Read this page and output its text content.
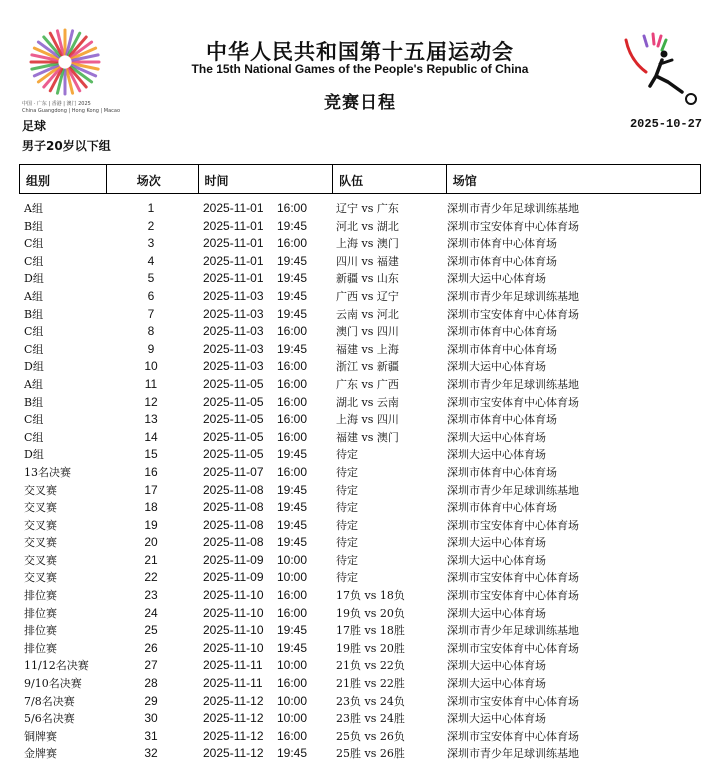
中国 · 广东 | 香港 | 澳门 2025
China Guangdong | Hong Kong | Macao
中华人民共和国第十五届运动会
The 15th National Games of the People's Republic of China
竞赛日程
足球	2025-10-27
男子20岁以下组
组别	场次	时间	队伍	场馆
A组	1	2025-11-01 16:00	辽宁 vs 广东	深圳市青少年足球训练基地
B组	2	2025-11-01 19:45	河北 vs 湖北	深圳市宝安体育中心体育场
C组	3	2025-11-01 16:00	上海 vs 澳门	深圳市体育中心体育场
C组	4	2025-11-01 19:45	四川 vs 福建	深圳市体育中心体育场
D组	5	2025-11-01 19:45	新疆 vs 山东	深圳大运中心体育场
A组	6	2025-11-03 19:45	广西 vs 辽宁	深圳市青少年足球训练基地
B组	7	2025-11-03 19:45	云南 vs 河北	深圳市宝安体育中心体育场
C组	8	2025-11-03 16:00	澳门 vs 四川	深圳市体育中心体育场
C组	9	2025-11-03 19:45	福建 vs 上海	深圳市体育中心体育场
D组	10	2025-11-03 16:00	浙江 vs 新疆	深圳大运中心体育场
A组	11	2025-11-05 16:00	广东 vs 广西	深圳市青少年足球训练基地
B组	12	2025-11-05 16:00	湖北 vs 云南	深圳市宝安体育中心体育场
C组	13	2025-11-05 16:00	上海 vs 四川	深圳市体育中心体育场
C组	14	2025-11-05 16:00	福建 vs 澳门	深圳大运中心体育场
D组	15	2025-11-05 19:45	待定	深圳大运中心体育场
13名决赛	16	2025-11-07 16:00	待定	深圳市体育中心体育场
交叉赛	17	2025-11-08 19:45	待定	深圳市青少年足球训练基地
交叉赛	18	2025-11-08 19:45	待定	深圳市体育中心体育场
交叉赛	19	2025-11-08 19:45	待定	深圳市宝安体育中心体育场
交叉赛	20	2025-11-08 19:45	待定	深圳大运中心体育场
交叉赛	21	2025-11-09 10:00	待定	深圳大运中心体育场
交叉赛	22	2025-11-09 10:00	待定	深圳市宝安体育中心体育场
排位赛	23	2025-11-10 16:00	17负 vs 18负	深圳市宝安体育中心体育场
排位赛	24	2025-11-10 16:00	19负 vs 20负	深圳大运中心体育场
排位赛	25	2025-11-10 19:45	17胜 vs 18胜	深圳市青少年足球训练基地
排位赛	26	2025-11-10 19:45	19胜 vs 20胜	深圳市宝安体育中心体育场
11/12名决赛	27	2025-11-11 10:00	21负 vs 22负	深圳大运中心体育场
9/10名决赛	28	2025-11-11 16:00	21胜 vs 22胜	深圳大运中心体育场
7/8名决赛	29	2025-11-12 10:00	23负 vs 24负	深圳市宝安体育中心体育场
5/6名决赛	30	2025-11-12 10:00	23胜 vs 24胜	深圳大运中心体育场
铜牌赛	31	2025-11-12 16:00	25负 vs 26负	深圳市宝安体育中心体育场
金牌赛	32	2025-11-12 19:45	25胜 vs 26胜	深圳市青少年足球训练基地
